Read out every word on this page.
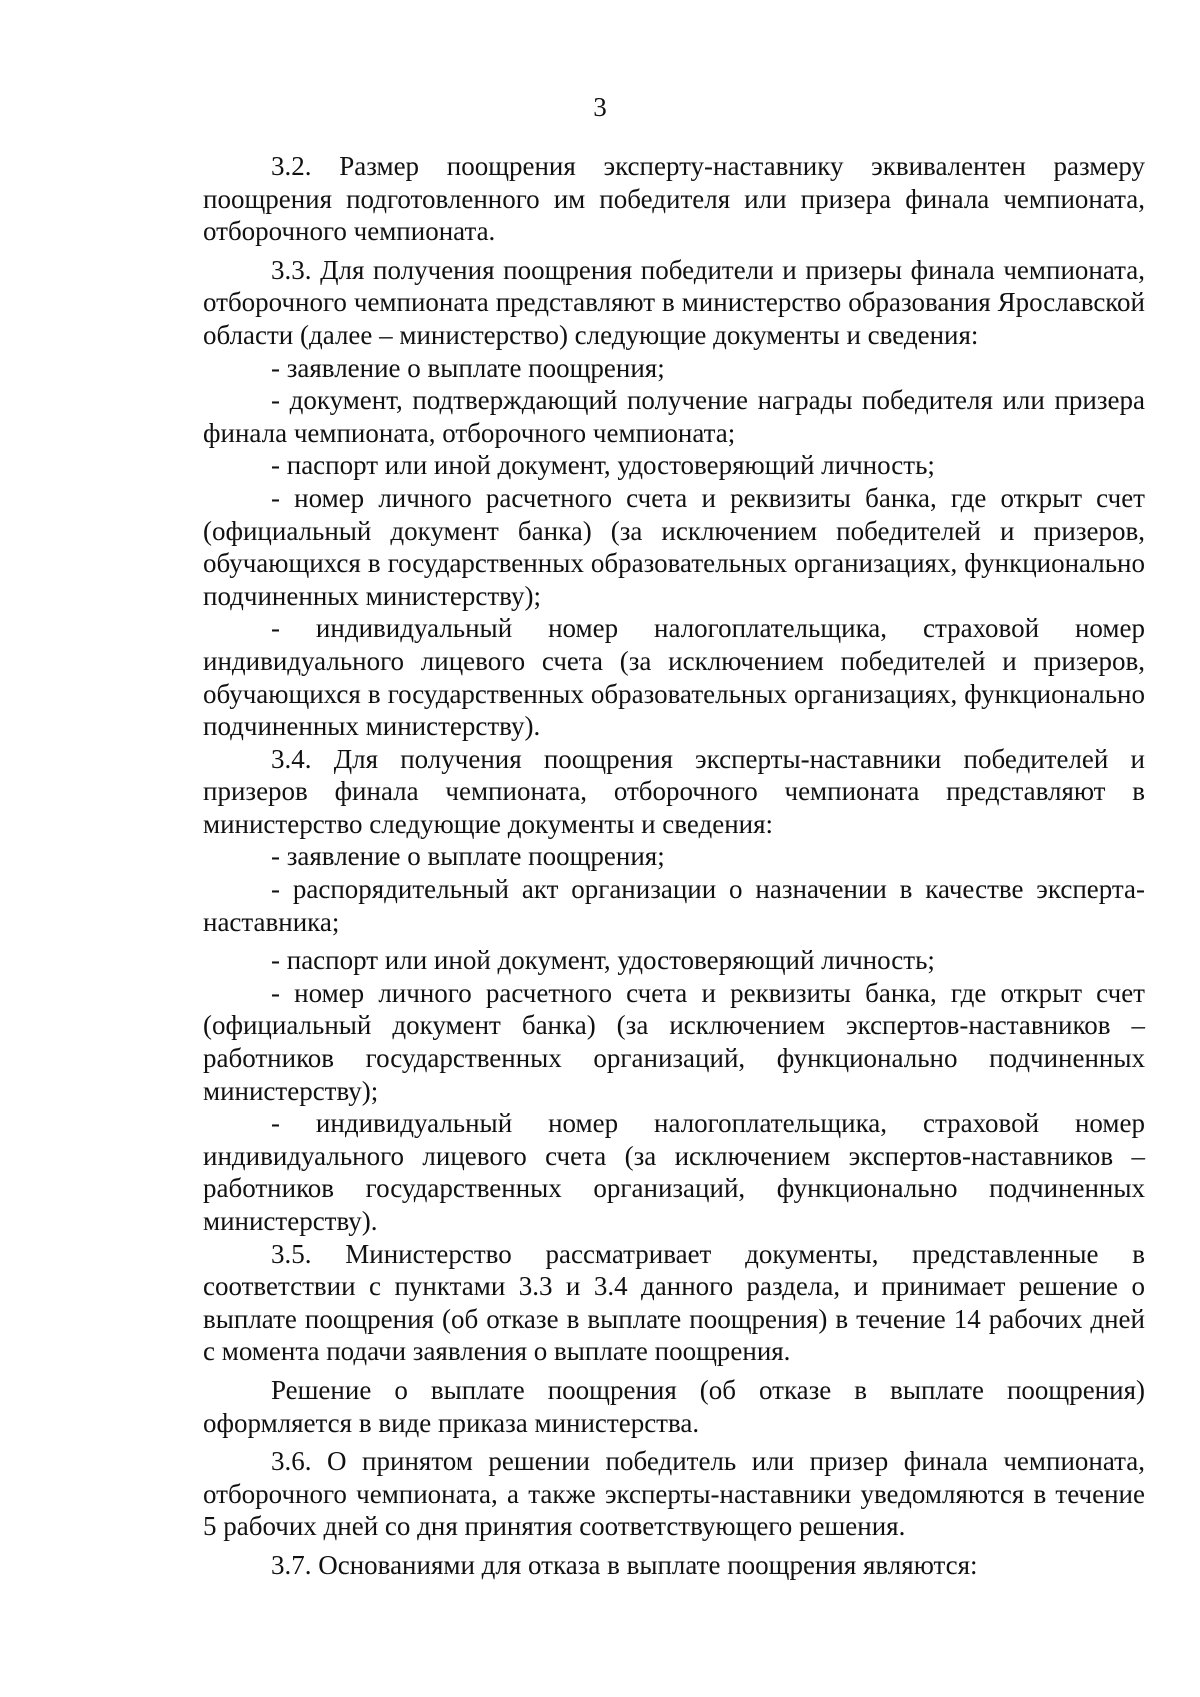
3

3.2. Размер поощрения эксперту-наставнику эквивалентен размеру поощрения подготовленного им победителя или призера финала чемпионата, отборочного чемпионата.

3.3. Для получения поощрения победители и призеры финала чемпионата, отборочного чемпионата представляют в министерство образования Ярославской области (далее – министерство) следующие документы и сведения:

- заявление о выплате поощрения;

- документ, подтверждающий получение награды победителя или призера финала чемпионата, отборочного чемпионата;

- паспорт или иной документ, удостоверяющий личность;

- номер личного расчетного счета и реквизиты банка, где открыт счет (официальный документ банка) (за исключением победителей и призеров, обучающихся в государственных образовательных организациях, функционально подчиненных министерству);

- индивидуальный номер налогоплательщика, страховой номер индивидуального лицевого счета (за исключением победителей и призеров, обучающихся в государственных образовательных организациях, функционально подчиненных министерству).

3.4. Для получения поощрения эксперты-наставники победителей и призеров финала чемпионата, отборочного чемпионата представляют в министерство следующие документы и сведения:

- заявление о выплате поощрения;

- распорядительный акт организации о назначении в качестве эксперта-наставника;

- паспорт или иной документ, удостоверяющий личность;

- номер личного расчетного счета и реквизиты банка, где открыт счет (официальный документ банка) (за исключением экспертов-наставников – работников государственных организаций, функционально подчиненных министерству);

- индивидуальный номер налогоплательщика, страховой номер индивидуального лицевого счета (за исключением экспертов-наставников – работников государственных организаций, функционально подчиненных министерству).

3.5. Министерство рассматривает документы, представленные в соответствии с пунктами 3.3 и 3.4 данного раздела, и принимает решение о выплате поощрения (об отказе в выплате поощрения) в течение 14 рабочих дней с момента подачи заявления о выплате поощрения.

Решение о выплате поощрения (об отказе в выплате поощрения) оформляется в виде приказа министерства.

3.6. О принятом решении победитель или призер финала чемпионата, отборочного чемпионата, а также эксперты-наставники уведомляются в течение 5 рабочих дней со дня принятия соответствующего решения.

3.7. Основаниями для отказа в выплате поощрения являются:
